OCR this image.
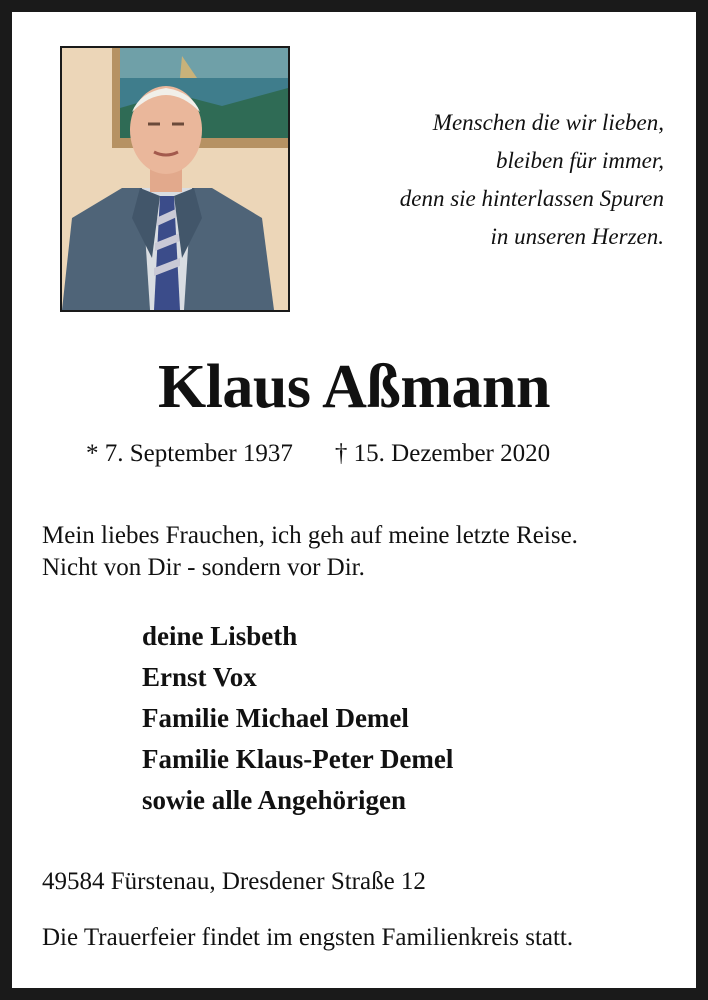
Menschen die wir lieben,
bleiben für immer,
denn sie hinterlassen Spuren
in unseren Herzen.
Klaus Aßmann
* 7. September 1937 † 15. Dezember 2020
Mein liebes Frauchen, ich geh auf meine letzte Reise.
Nicht von Dir - sondern vor Dir.
deine Lisbeth
Ernst Vox
Familie Michael Demel
Familie Klaus-Peter Demel
sowie alle Angehörigen
49584 Fürstenau, Dresdener Straße 12
Die Trauerfeier findet im engsten Familienkreis statt.
